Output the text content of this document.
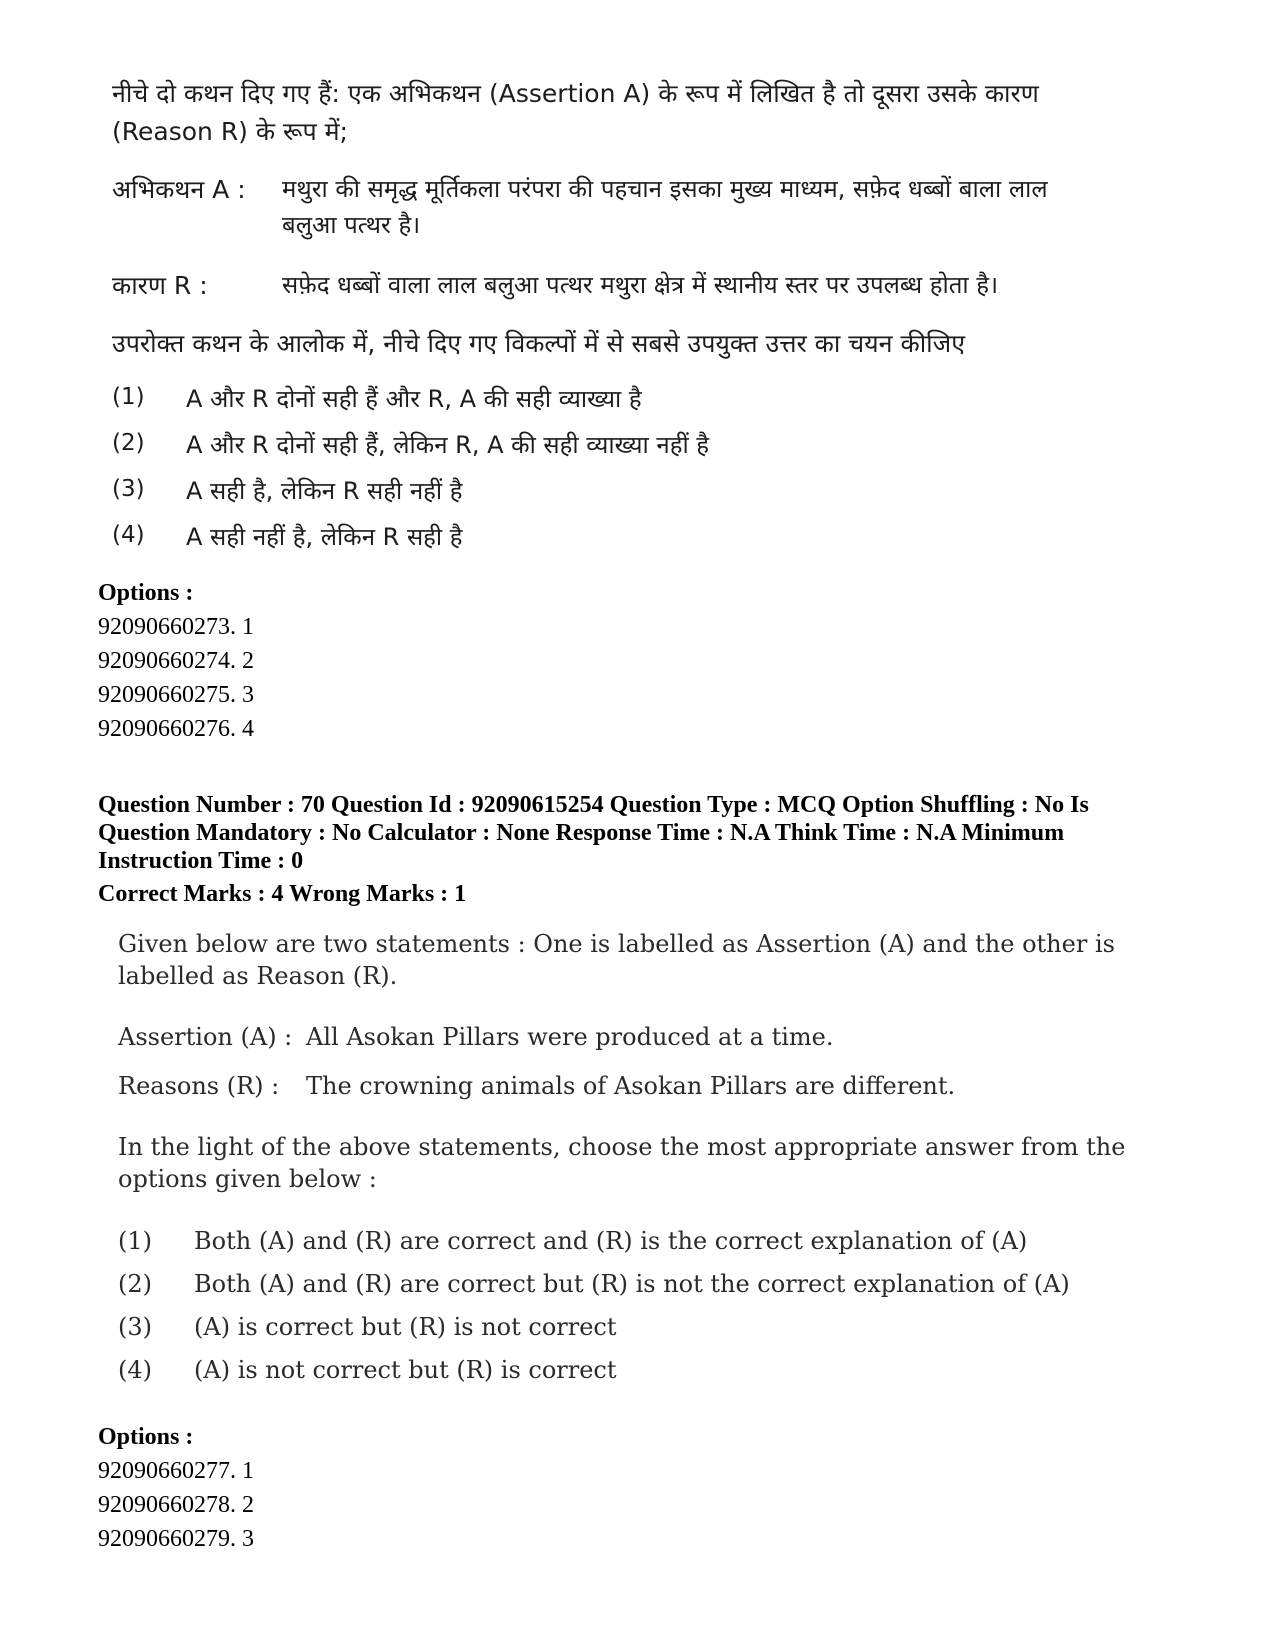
नीचे दो कथन दिए गए हैं: एक अभिकथन (Assertion A) के रूप में लिखित है तो दूसरा उसके कारण
(Reason R) के रूप में;
अभिकथन A : मथुरा की समृद्ध मूर्तिकला परंपरा की पहचान इसका मुख्य माध्यम, सफ़ेद धब्बों बाला लाल
बलुआ पत्थर है।
कारण R :	सफ़ेद धब्बों वाला लाल बलुआ पत्थर मथुरा क्षेत्र में स्थानीय स्तर पर उपलब्ध होता है।
उपरोक्त कथन के आलोक में, नीचे दिए गए विकल्पों में से सबसे उपयुक्त उत्तर का चयन कीजिए
(1) A और R दोनों सही हैं और R, A की सही व्याख्या है
(2) A और R दोनों सही हैं, लेकिन R, A की सही व्याख्या नहीं है
(3) A सही है, लेकिन R सही नहीं है
(4) A सही नहीं है, लेकिन R सही है
Options :
92090660273. 1
92090660274. 2
92090660275. 3
92090660276. 4
Question Number : 70 Question Id : 92090615254 Question Type : MCQ Option Shuffling : No Is
Question Mandatory : No Calculator : None Response Time : N.A Think Time : N.A Minimum
Instruction Time : 0
Correct Marks : 4 Wrong Marks : 1
Given below are two statements : One is labelled as Assertion (A) and the other is
labelled as Reason (R).
Assertion (A) : All Asokan Pillars were produced at a time.
Reasons (R) : The crowning animals of Asokan Pillars are different.
In the light of the above statements, choose the most appropriate answer from the
options given below :
(1) Both (A) and (R) are correct and (R) is the correct explanation of (A)
(2) Both (A) and (R) are correct but (R) is not the correct explanation of (A)
(3) (A) is correct but (R) is not correct
(4) (A) is not correct but (R) is correct
Options :
92090660277. 1
92090660278. 2
92090660279. 3
